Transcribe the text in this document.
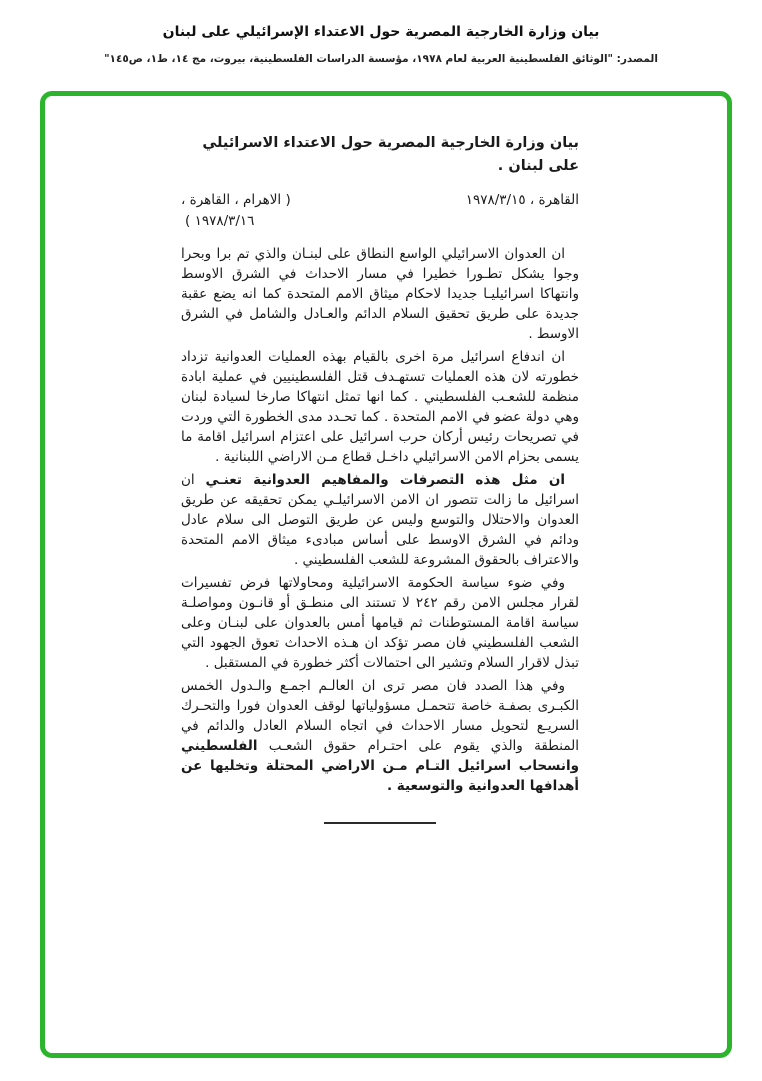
بيان وزارة الخارجية المصرية حول الاعتداء الإسرائيلي على لبنان
المصدر: "الوثائق الفلسطينية العربية لعام ١٩٧٨، مؤسسة الدراسات الفلسطينية، بيروت، مج ١٤، ط١، ص١٤٥"
بيان وزارة الخارجية المصرية حول الاعتداء الاسرائيلي
على لبنان .
القاهرة ، ١٩٧٨/٣/١٥
( الاهرام ، القاهرة ،
١٩٧٨/٣/١٦ )

ان العدوان الاسرائيلي الواسع النطاق على لبنـان والذي تم برا وبحرا وجوا يشكل تطـورا خطيرا في مسار الاحداث في الشرق الاوسط وانتهاكا اسرائيليـا جديدا لاحكام ميثاق الامم المتحدة كما انه يضع عقبة جديدة على طريق تحقيق السلام الدائم والعـادل والشامل في الشرق الاوسط .

ان اندفاع اسرائيل مرة اخرى بالقيام بهذه العمليات العدوانية تزداد خطورته لان هذه العمليات تستهـدف قتل الفلسطينيين في عملية ابادة منظمة للشعـب الفلسطيني . كما انها تمثل انتهاكا صارخا لسيادة لبنان وهي دولة عضو في الامم المتحدة . كما تحـدد مدى الخطورة التي وردت في تصريحات رئيس أركان حرب اسرائيل على اعتزام اسرائيل اقامة ما يسمى بحزام الامن الاسرائيلي داخـل قطاع مـن الاراضي اللبنانية .

ان مثل هذه التصرفات والمفاهيم العدوانية تعنـي ان اسرائيل ما زالت تتصور ان الامن الاسرائيلـي يمكن تحقيقه عن طريق العدوان والاحتلال والتوسع وليس عن طريق التوصل الى سلام عادل ودائم في الشرق الاوسط على أساس مبادىء ميثاق الامم المتحدة والاعتراف بالحقوق المشروعة للشعب الفلسطيني .

وفي ضوء سياسة الحكومة الاسرائيلية ومحاولاتها فرض تفسيرات لقرار مجلس الامن رقم ٢٤٢ لا تستند الى منطـق أو قانـون ومواصلـة سياسة اقامة المستوطنات ثم قيامها أمس بالعدوان على لبنـان وعلى الشعب الفلسطيني فان مصر تؤكد ان هـذه الاحداث تعوق الجهود التي تبذل لاقرار السلام وتشير الى احتمالات أكثر خطورة في المستقبل .

وفي هذا الصدد فان مصر ترى ان العالـم اجمـع والـدول الخمس الكبـرى بصفـة خاصة تتحمـل مسؤولياتها لوقف العدوان فورا والتحـرك السريـع لتحويل مسار الاحداث في اتجاه السلام العادل والدائم في المنطقة والذي يقوم على احتـرام حقوق الشعـب الفلسطيني وانسحاب اسرائيل التـام مـن الاراضي المحتلة وتخليها عن أهدافها العدوانية والتوسعية .
